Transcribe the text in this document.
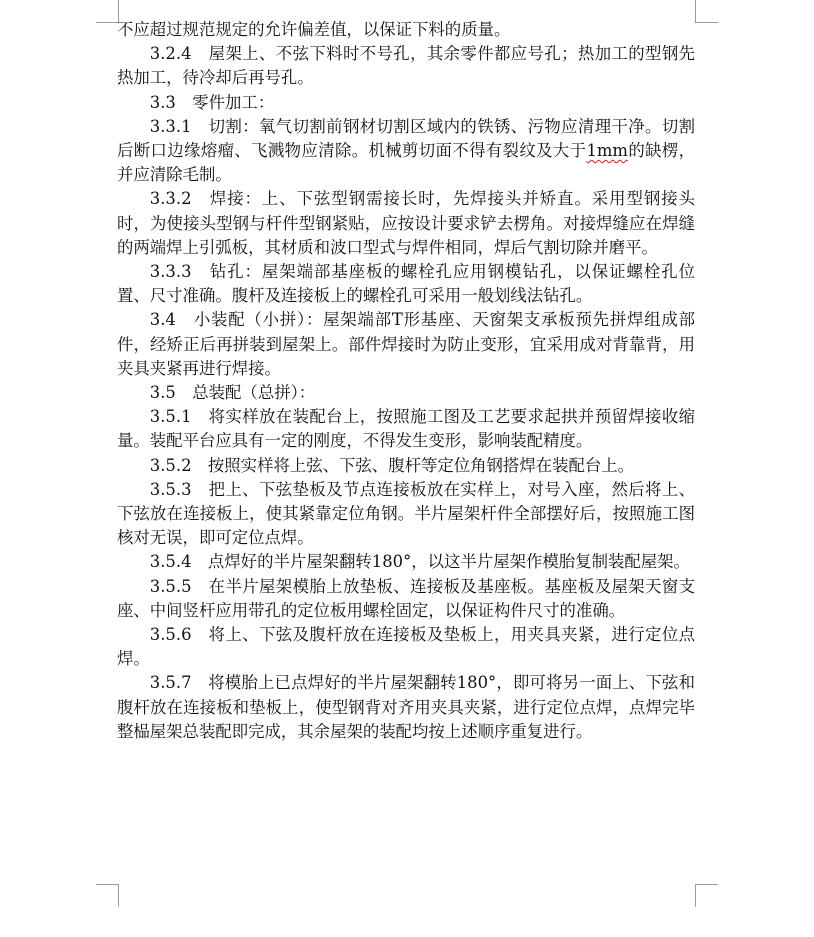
不应超过规范规定的允许偏差值，以保证下料的质量。

3.2.4　屋架上、不弦下料时不号孔，其余零件都应号孔；热加工的型钢先热加工，待冷却后再号孔。

3.3　零件加工：

3.3.1　切割：氧气切割前钢材切割区域内的铁锈、污物应清理干净。切割后断口边缘熔瘤、飞溅物应清除。机械剪切面不得有裂纹及大于1mm的缺楞，并应清除毛制。

3.3.2　焊接：上、下弦型钢需接长时，先焊接头并矫直。采用型钢接头时，为使接头型钢与杆件型钢紧贴，应按设计要求铲去楞角。对接焊缝应在焊缝的两端焊上引弧板，其材质和波口型式与焊件相同，焊后气割切除并磨平。

3.3.3　钻孔：屋架端部基座板的螺栓孔应用钢模钻孔，以保证螺栓孔位置、尺寸准确。腹杆及连接板上的螺栓孔可采用一般划线法钻孔。

3.4　小装配（小拼）：屋架端部T形基座、天窗架支承板预先拼焊组成部件，经矫正后再拼装到屋架上。部件焊接时为防止变形，宜采用成对背靠背，用夹具夹紧再进行焊接。

3.5　总装配（总拼）：

3.5.1　将实样放在装配台上，按照施工图及工艺要求起拱并预留焊接收缩量。装配平台应具有一定的刚度，不得发生变形，影响装配精度。

3.5.2　按照实样将上弦、下弦、腹杆等定位角钢搭焊在装配台上。

3.5.3　把上、下弦垫板及节点连接板放在实样上，对号入座，然后将上、下弦放在连接板上，使其紧靠定位角钢。半片屋架杆件全部摆好后，按照施工图核对无误，即可定位点焊。

3.5.4　点焊好的半片屋架翻转180°，以这半片屋架作模胎复制装配屋架。

3.5.5　在半片屋架模胎上放垫板、连接板及基座板。基座板及屋架天窗支座、中间竖杆应用带孔的定位板用螺栓固定，以保证构件尺寸的准确。

3.5.6　将上、下弦及腹杆放在连接板及垫板上，用夹具夹紧，进行定位点焊。

3.5.7　将模胎上已点焊好的半片屋架翻转180°，即可将另一面上、下弦和腹杆放在连接板和垫板上，使型钢背对齐用夹具夹紧，进行定位点焊，点焊完毕整榀屋架总装配即完成，其余屋架的装配均按上述顺序重复进行。
